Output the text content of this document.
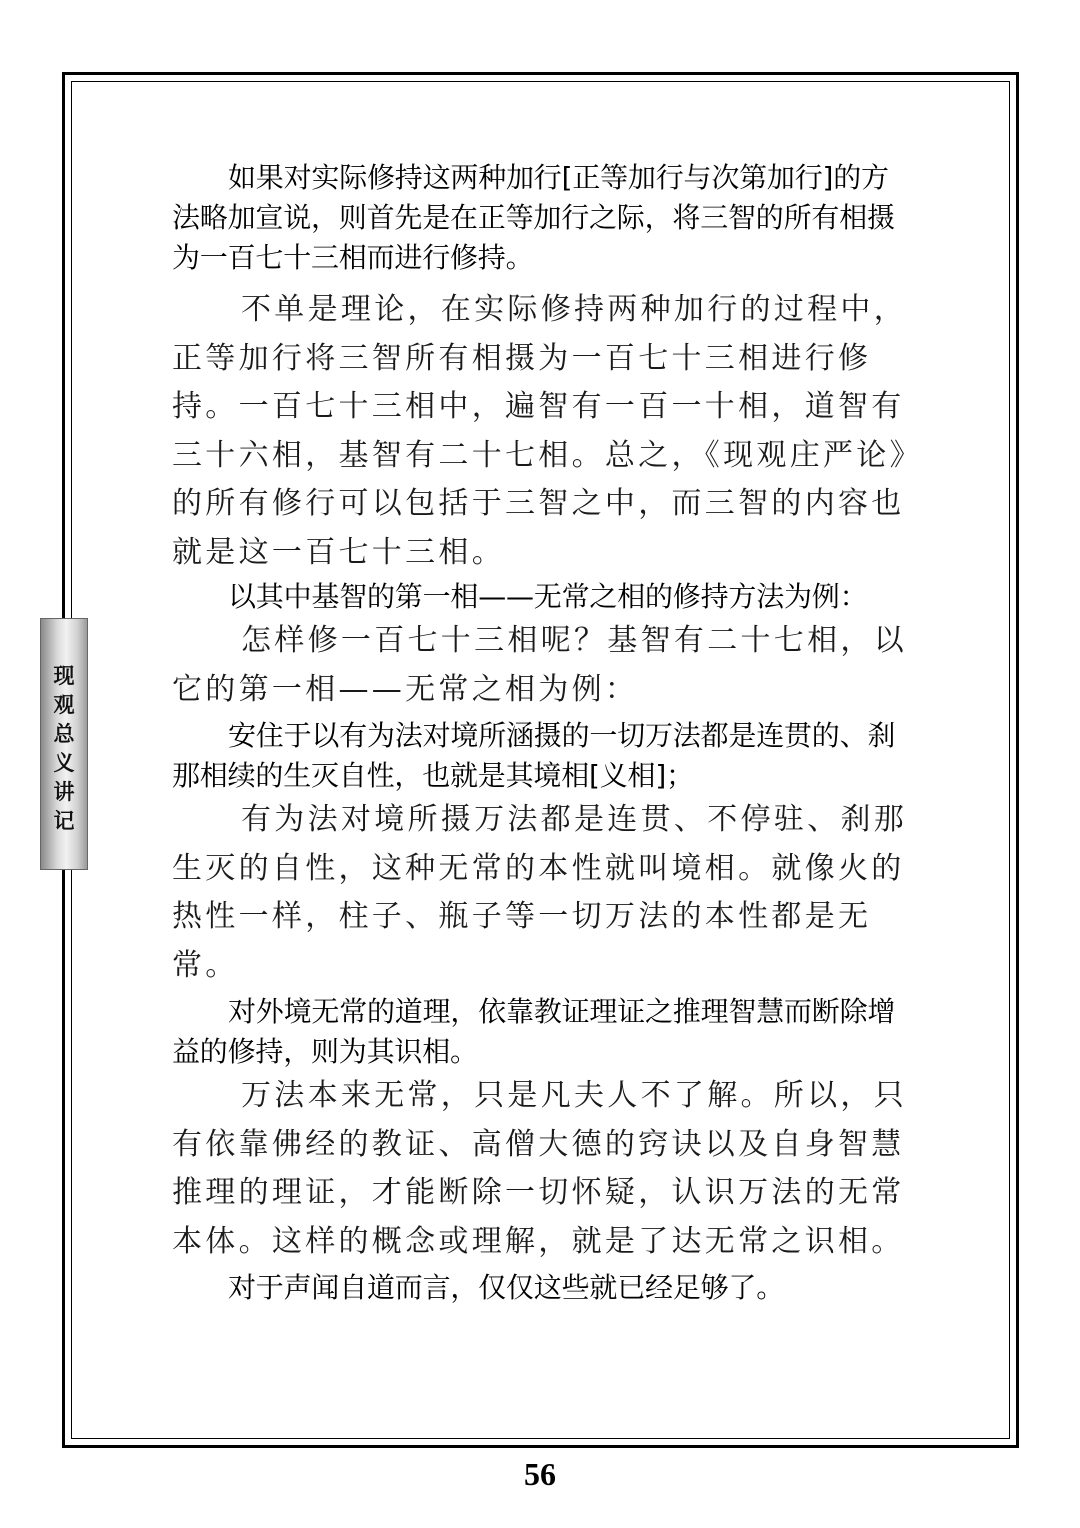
现观总义讲记

如果对实际修持这两种加行[正等加行与次第加行]的方法略加宣说，则首先是在正等加行之际，将三智的所有相摄为一百七十三相而进行修持。

不单是理论，在实际修持两种加行的过程中，正等加行将三智所有相摄为一百七十三相进行修持。一百七十三相中，遍智有一百一十相，道智有三十六相，基智有二十七相。总之，《现观庄严论》的所有修行可以包括于三智之中，而三智的内容也就是这一百七十三相。

以其中基智的第一相——无常之相的修持方法为例：

怎样修一百七十三相呢？基智有二十七相，以它的第一相——无常之相为例：

安住于以有为法对境所涵摄的一切万法都是连贯的、刹那相续的生灭自性，也就是其境相[义相]；

有为法对境所摄万法都是连贯、不停驻、刹那生灭的自性，这种无常的本性就叫境相。就像火的热性一样，柱子、瓶子等一切万法的本性都是无常。

对外境无常的道理，依靠教证理证之推理智慧而断除增益的修持，则为其识相。

万法本来无常，只是凡夫人不了解。所以，只有依靠佛经的教证、高僧大德的窍诀以及自身智慧推理的理证，才能断除一切怀疑，认识万法的无常本体。这样的概念或理解，就是了达无常之识相。

对于声闻自道而言，仅仅这些就已经足够了。

56
